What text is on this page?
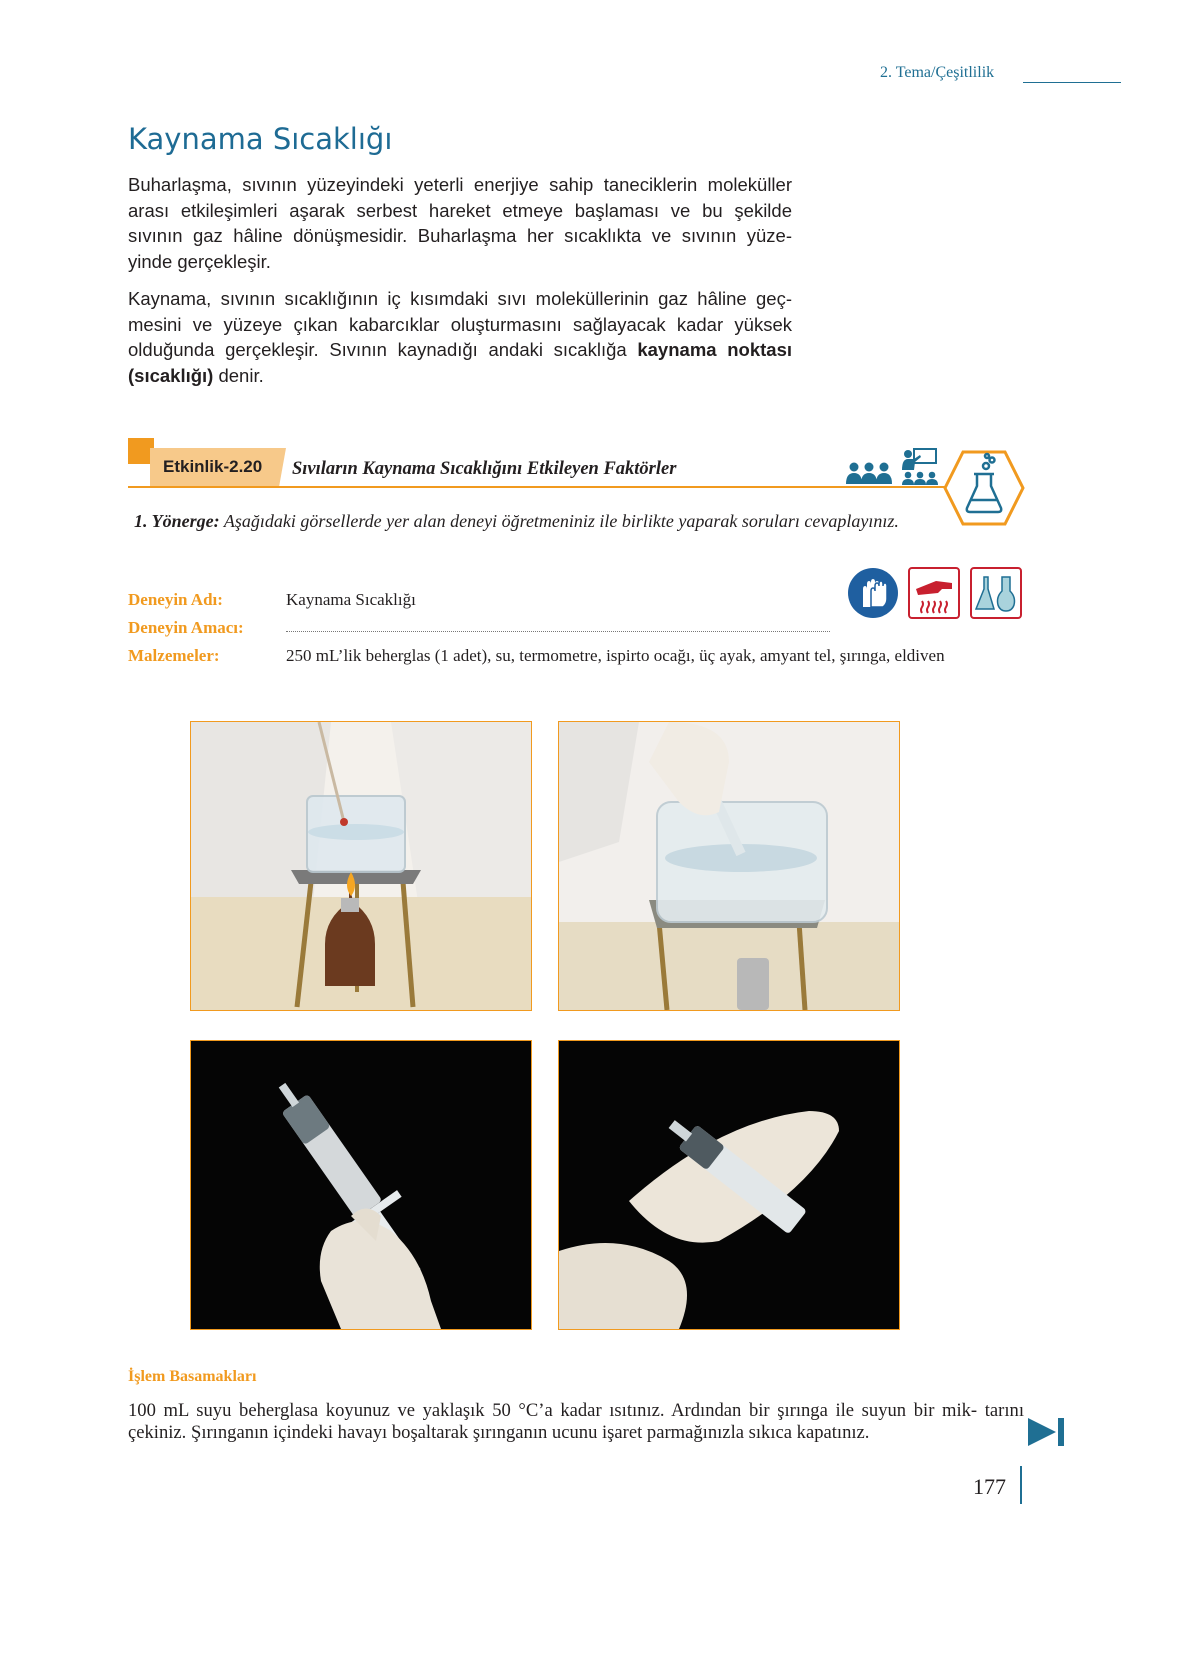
2. Tema/Çeşitlilik
Kaynama Sıcaklığı
Buharlaşma, sıvının yüzeyindeki yeterli enerjiye sahip taneciklerin moleküller arası etkileşimleri aşarak serbest hareket etmeye başlaması ve bu şekilde sıvının gaz hâline dönüşmesidir. Buharlaşma her sıcaklıkta ve sıvının yüze- yinde gerçekleşir.
Kaynama, sıvının sıcaklığının iç kısımdaki sıvı moleküllerinin gaz hâline geç- mesini ve yüzeye çıkan kabarcıklar oluşturmasını sağlayacak kadar yüksek olduğunda gerçekleşir. Sıvının kaynadığı andaki sıcaklığa kaynama noktası (sıcaklığı) denir.
Etkinlik-2.20 Sıvıların Kaynama Sıcaklığını Etkileyen Faktörler
1. Yönerge: Aşağıdaki görsellerde yer alan deneyi öğretmeniniz ile birlikte yaparak soruları cevaplayınız.
Deneyin Adı:	Kaynama Sıcaklığı
Deneyin Amacı:
Malzemeler:	250 mL’lik beherglas (1 adet), su, termometre, ispirto ocağı, üç ayak, amyant tel, şırınga, eldiven
İşlem Basamakları
100 mL suyu beherglasa koyunuz ve yaklaşık 50 °C’a kadar ısıtınız. Ardından bir şırınga ile suyun bir mik- tarını çekiniz. Şırınganın içindeki havayı boşaltarak şırınganın ucunu işaret parmağınızla sıkıca kapatınız.
177
